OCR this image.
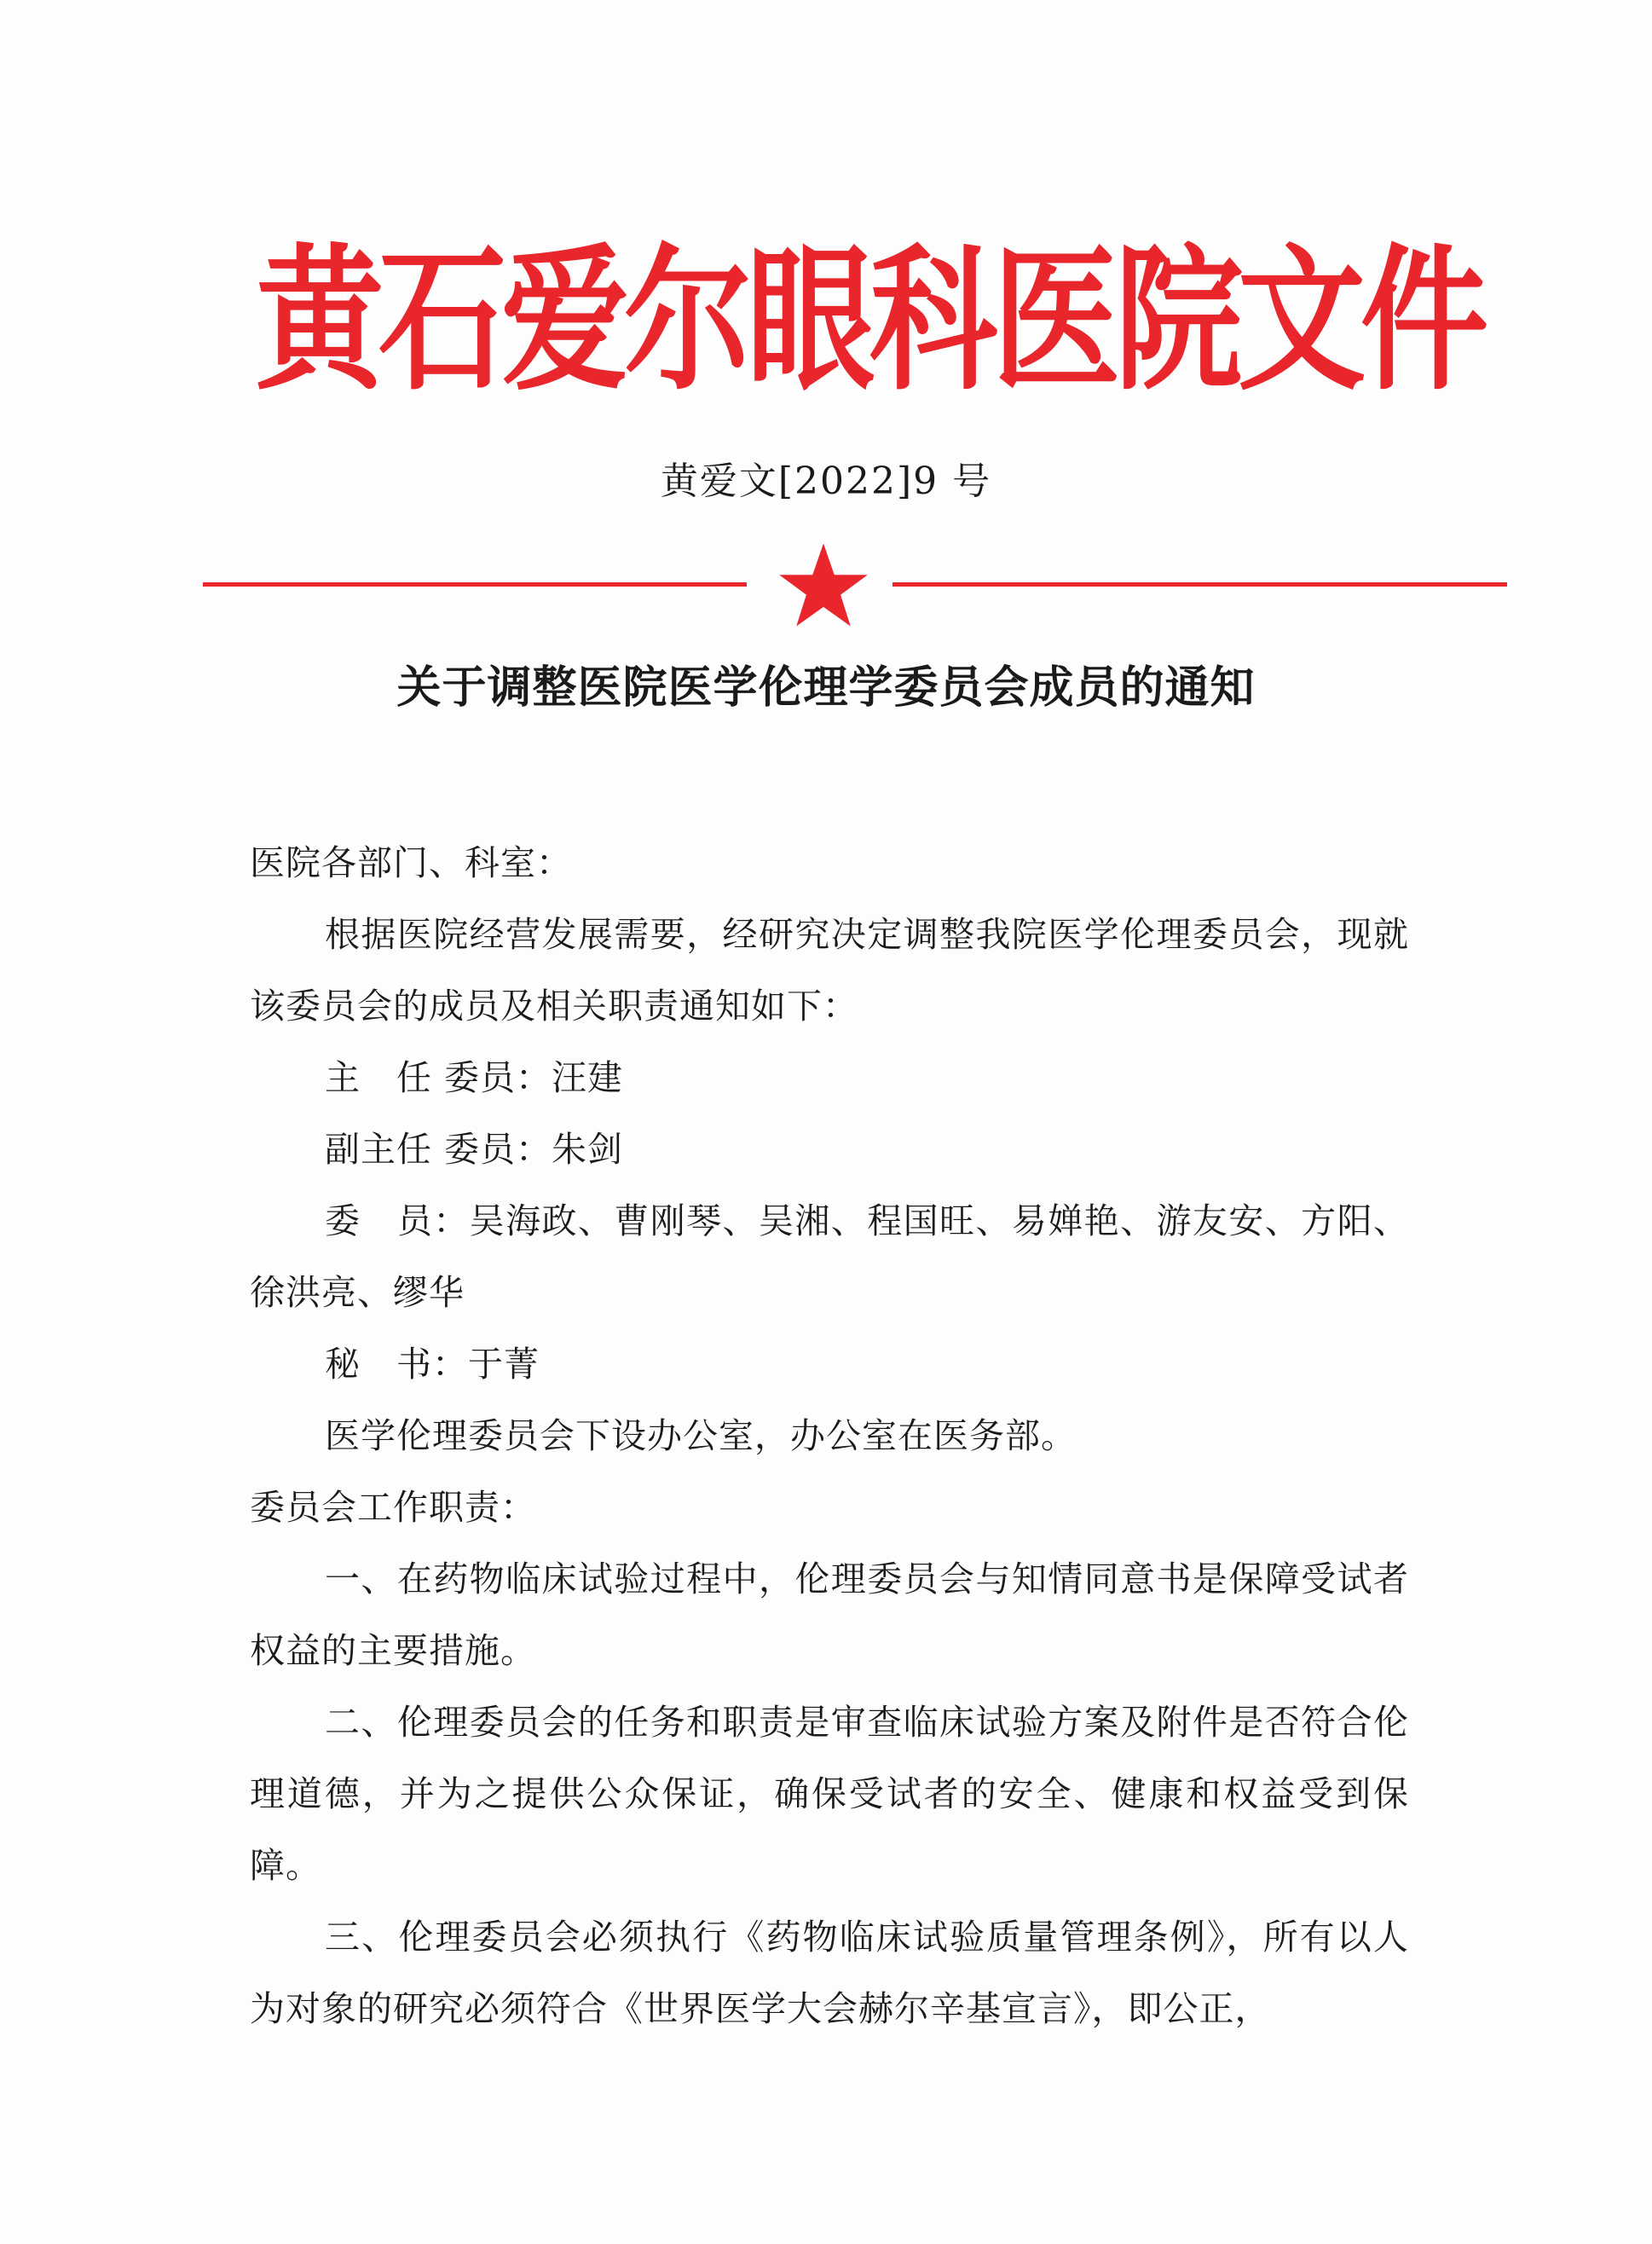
黄石爱尔眼科医院文件
黄爱文[2022]9 号
关于调整医院医学伦理学委员会成员的通知

医院各部门、科室：

根据医院经营发展需要，经研究决定调整我院医学伦理委员会，现就该委员会的成员及相关职责通知如下：

主　任 委员：汪建

副主任 委员：朱剑

委　员：吴海政、曹刚琴、吴湘、程国旺、易婵艳、游友安、方阳、徐洪亮、缪华

秘　书：于菁

医学伦理委员会下设办公室，办公室在医务部。

委员会工作职责：

一、在药物临床试验过程中，伦理委员会与知情同意书是保障受试者权益的主要措施。

二、伦理委员会的任务和职责是审查临床试验方案及附件是否符合伦理道德，并为之提供公众保证，确保受试者的安全、健康和权益受到保障。

三、伦理委员会必须执行《药物临床试验质量管理条例》，所有以人为对象的研究必须符合《世界医学大会赫尔辛基宣言》，即公正，
